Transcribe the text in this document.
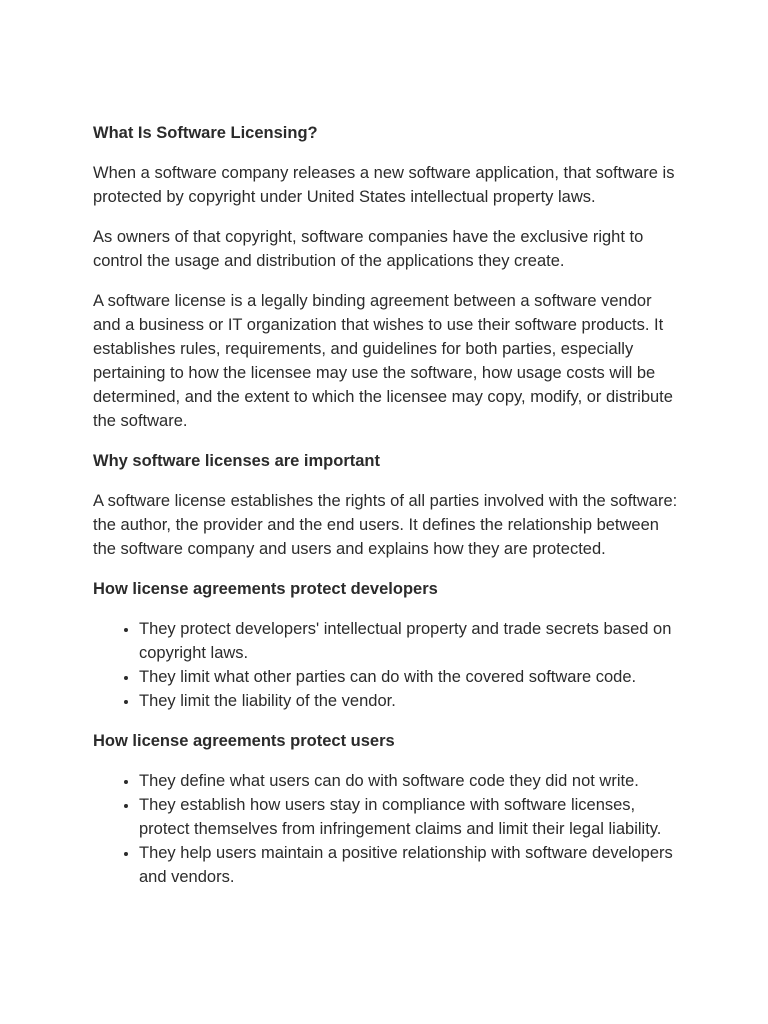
What Is Software Licensing?

When a software company releases a new software application, that software is protected by copyright under United States intellectual property laws.

As owners of that copyright, software companies have the exclusive right to control the usage and distribution of the applications they create.

A software license is a legally binding agreement between a software vendor and a business or IT organization that wishes to use their software products. It establishes rules, requirements, and guidelines for both parties, especially pertaining to how the licensee may use the software, how usage costs will be determined, and the extent to which the licensee may copy, modify, or distribute the software.

Why software licenses are important

A software license establishes the rights of all parties involved with the software: the author, the provider and the end users. It defines the relationship between the software company and users and explains how they are protected.

How license agreements protect developers
• They protect developers' intellectual property and trade secrets based on copyright laws.
• They limit what other parties can do with the covered software code.
• They limit the liability of the vendor.
How license agreements protect users
• They define what users can do with software code they did not write.
• They establish how users stay in compliance with software licenses, protect themselves from infringement claims and limit their legal liability.
• They help users maintain a positive relationship with software developers and vendors.
